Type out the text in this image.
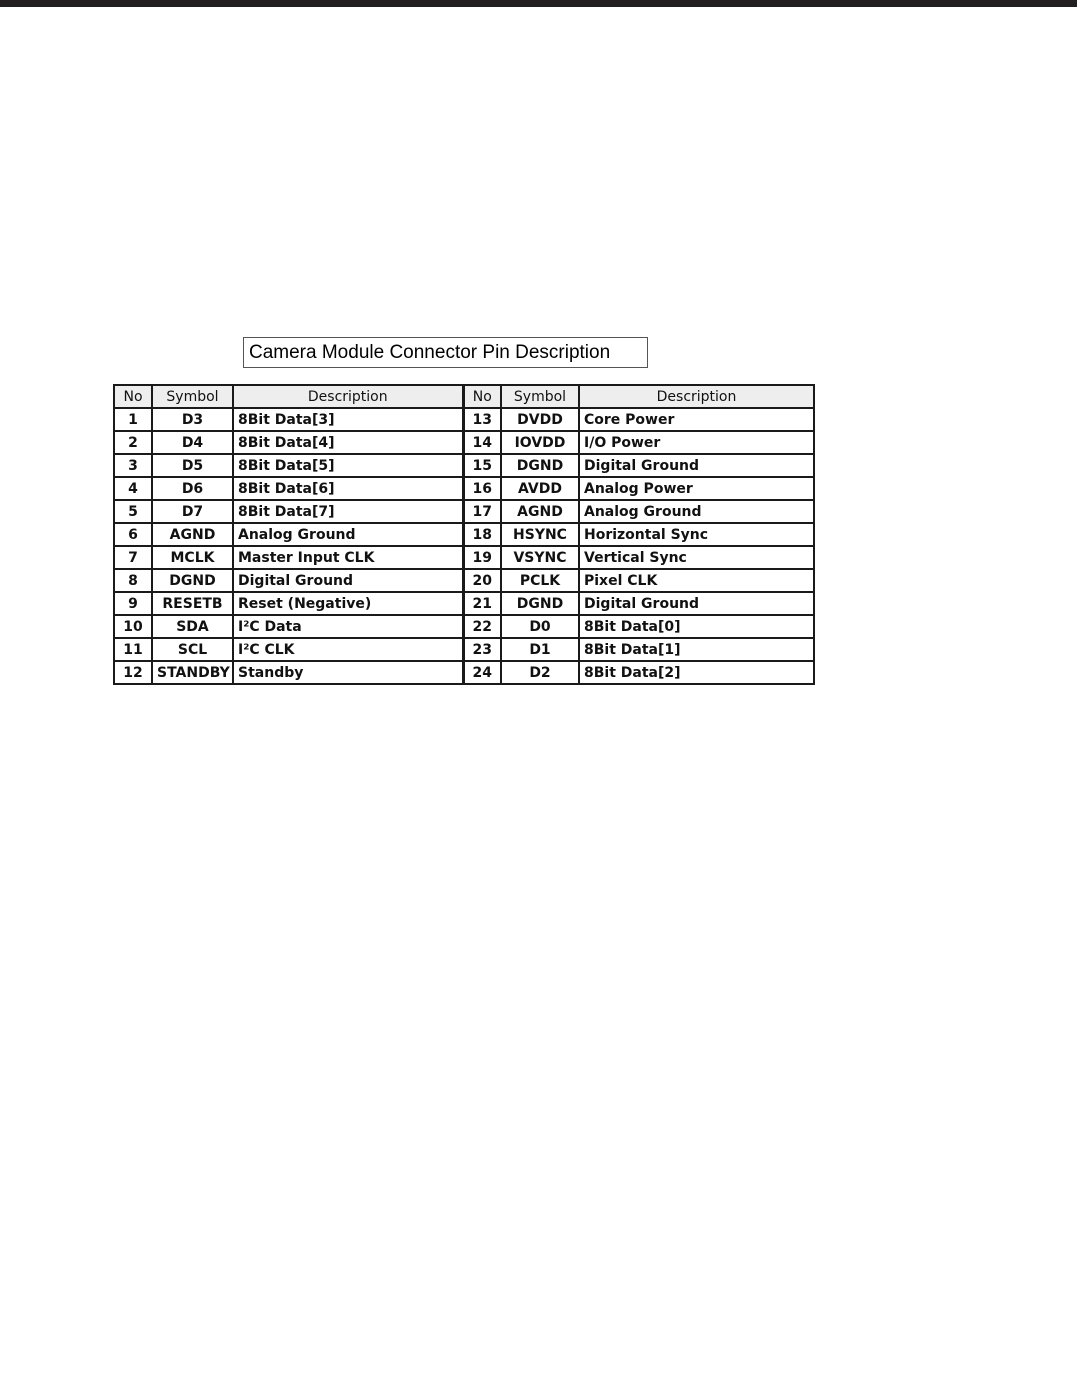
Camera Module Connector Pin Description
No	Symbol	Description	No	Symbol	Description
1	D3	8Bit Data[3]	13	DVDD	Core Power
2	D4	8Bit Data[4]	14	IOVDD	I/O Power
3	D5	8Bit Data[5]	15	DGND	Digital Ground
4	D6	8Bit Data[6]	16	AVDD	Analog Power
5	D7	8Bit Data[7]	17	AGND	Analog Ground
6	AGND	Analog Ground	18	HSYNC	Horizontal Sync
7	MCLK	Master Input CLK	19	VSYNC	Vertical Sync
8	DGND	Digital Ground	20	PCLK	Pixel CLK
9	RESETB	Reset (Negative)	21	DGND	Digital Ground
10	SDA	I²C Data	22	D0	8Bit Data[0]
11	SCL	I²C CLK	23	D1	8Bit Data[1]
12	STANDBY	Standby	24	D2	8Bit Data[2]
